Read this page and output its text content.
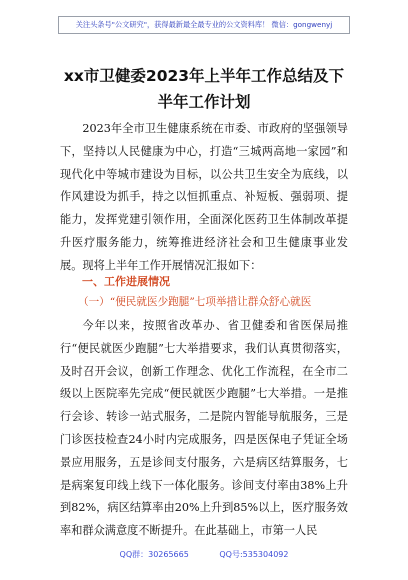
关注头条号"公文研究"，获得最新最全最专业的公文资料库！ 微信：gongwenyj
xx市卫健委2023年上半年工作总结及下
半年工作计划

2023年全市卫生健康系统在市委、市政府的坚强领导下，坚持以人民健康为中心，打造“三城两高地一家园”和现代化中等城市建设为目标，以公共卫生安全为底线，以作风建设为抓手，持之以恒抓重点、补短板、强弱项、提能力，发挥党建引领作用，全面深化医药卫生体制改革提升医疗服务能力，统筹推进经济社会和卫生健康事业发展。现将上半年工作开展情况汇报如下：

一、工作进展情况
（一）“便民就医少跑腿”七项举措让群众舒心就医

今年以来，按照省改革办、省卫健委和省医保局推行“便民就医少跑腿”七大举措要求，我们认真贯彻落实，及时召开会议，创新工作理念、优化工作流程，在全市二级以上医院率先完成“便民就医少跑腿”七大举措。一是推行会诊、转诊一站式服务，二是院内智能导航服务，三是门诊医技检查24小时内完成服务，四是医保电子凭证全场景应用服务，五是诊间支付服务，六是病区结算服务，七是病案复印线上线下一体化服务。诊间支付率由38%上升到82%，病区结算率由20%上升到85%以上，医疗服务效率和群众满意度不断提升。在此基础上，市第一人民

QQ群：30265665	QQ号:535304092
